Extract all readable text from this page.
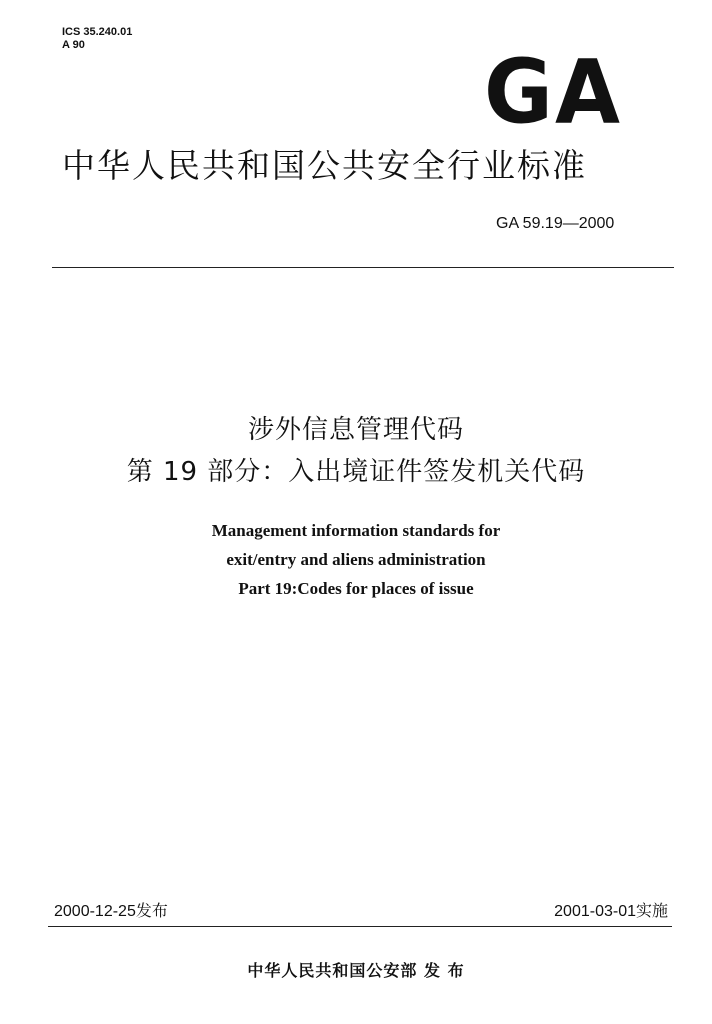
ICS 35.240.01
A 90	GA
中华人民共和国公共安全行业标准
GA 59.19—2000
涉外信息管理代码
第 19 部分：入出境证件签发机关代码
Management information standards for
exit/entry and aliens administration
Part 19:Codes for places of issue
2000-12-25发布	2001-03-01实施
中华人民共和国公安部 发 布
